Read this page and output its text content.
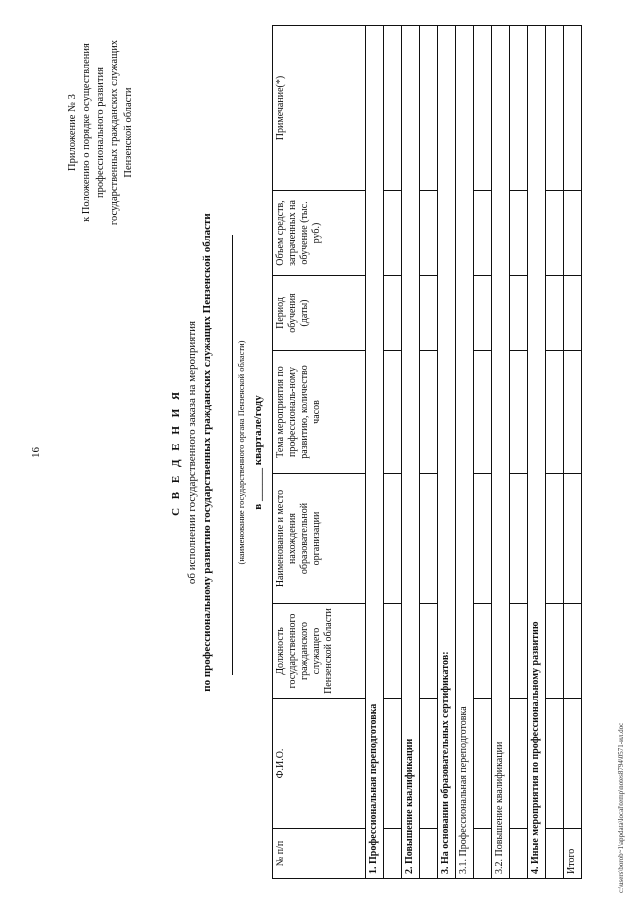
16
Приложение № 3 к Положению о порядке осуществления профессионального развития государственных гражданских служащих Пензенской области
С В Е Д Е Н И Я об исполнении государственного заказа на мероприятия по профессиональному развитию государственных гражданских служащих Пензенской области	(наименование государственного органа Пензенской области) в ______ квартале/году
№ п/п	Ф.И.О.	Должность государственного гражданского служащего Пензенской области	Наименование и место нахождения образовательной организации	Тема мероприятия по профессиональ-ному развитию, количество часов	Период обучения (даты)	Объем средств, затраченных на обучение (тыс. руб.)	Примечание(*)
1. Профессиональная переподготовка							

2. Повышение квалификации							

3. На основании образовательных сертификатов:							
3.1. Профессиональная переподготовка							

3.2. Повышение квалификации							

4. Иные мероприятия по профессиональному развитию							

Итого								c:\users\borob~1\appdata\local\temp\notes8794\0571-ил.doc
